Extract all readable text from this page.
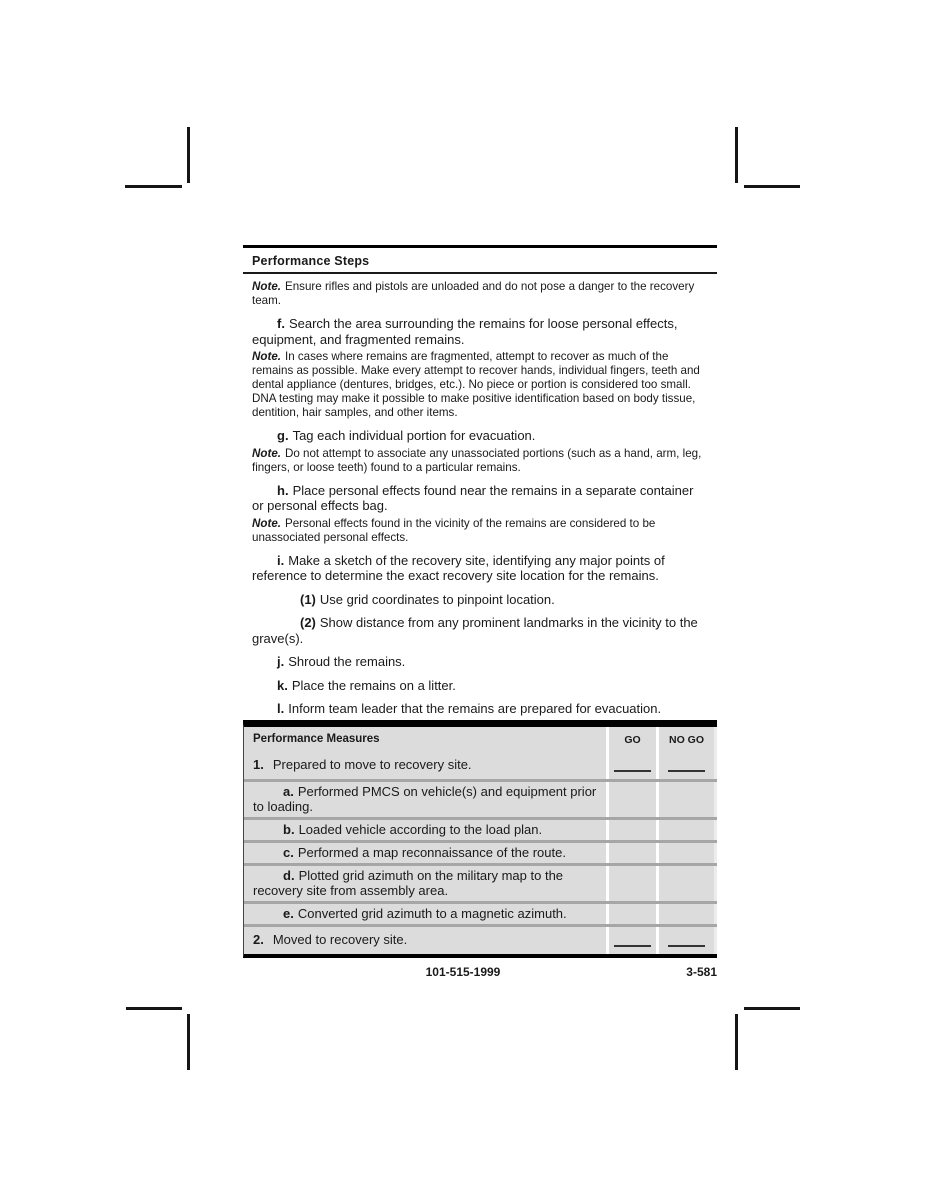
Performance Steps

Note. Ensure rifles and pistols are unloaded and do not pose a danger to the recovery team.

f. Search the area surrounding the remains for loose personal effects, equipment, and fragmented remains.

Note. In cases where remains are fragmented, attempt to recover as much of the remains as possible. Make every attempt to recover hands, individual fingers, teeth and dental appliance (dentures, bridges, etc.). No piece or portion is considered too small. DNA testing may make it possible to make positive identification based on body tissue, dentition, hair samples, and other items.

g. Tag each individual portion for evacuation.

Note. Do not attempt to associate any unassociated portions (such as a hand, arm, leg, fingers, or loose teeth) found to a particular remains.

h. Place personal effects found near the remains in a separate container or personal effects bag.

Note. Personal effects found in the vicinity of the remains are considered to be unassociated personal effects.

i. Make a sketch of the recovery site, identifying any major points of reference to determine the exact recovery site location for the remains.

(1) Use grid coordinates to pinpoint location.

(2) Show distance from any prominent landmarks in the vicinity to the grave(s).

j. Shroud the remains.

k. Place the remains on a litter.

l. Inform team leader that the remains are prepared for evacuation.

Performance Measures	GO	NO GO
1. Prepared to move to recovery site.
a. Performed PMCS on vehicle(s) and equipment prior to loading.
b. Loaded vehicle according to the load plan.
c. Performed a map reconnaissance of the route.
d. Plotted grid azimuth on the military map to the recovery site from assembly area.
e. Converted grid azimuth to a magnetic azimuth.
2. Moved to recovery site.
101-515-1999	3-581
